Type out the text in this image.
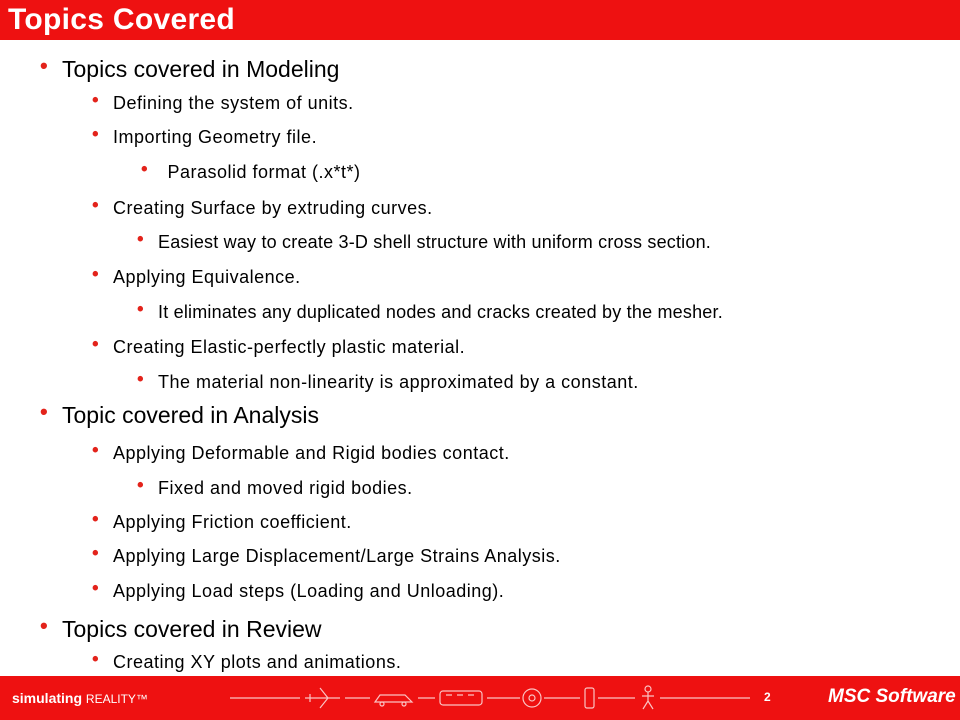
Topics Covered
• Topics covered in Modeling
• Defining the system of units.
• Importing Geometry file.
• Parasolid format (.x*t*)
• Creating Surface by extruding curves.
• Easiest way to create 3-D shell structure with uniform cross section.
• Applying Equivalence.
• It eliminates any duplicated nodes and cracks created by the mesher.
• Creating Elastic-perfectly plastic material.
• The material non-linearity is approximated by a constant.
• Topic covered in Analysis
• Applying Deformable and Rigid bodies contact.
• Fixed and moved rigid bodies.
• Applying Friction coefficient.
• Applying Large Displacement/Large Strains Analysis.
• Applying Load steps (Loading and Unloading).
• Topics covered in Review
• Creating XY plots and animations.
simulating REALITY™	2	MSC Software
